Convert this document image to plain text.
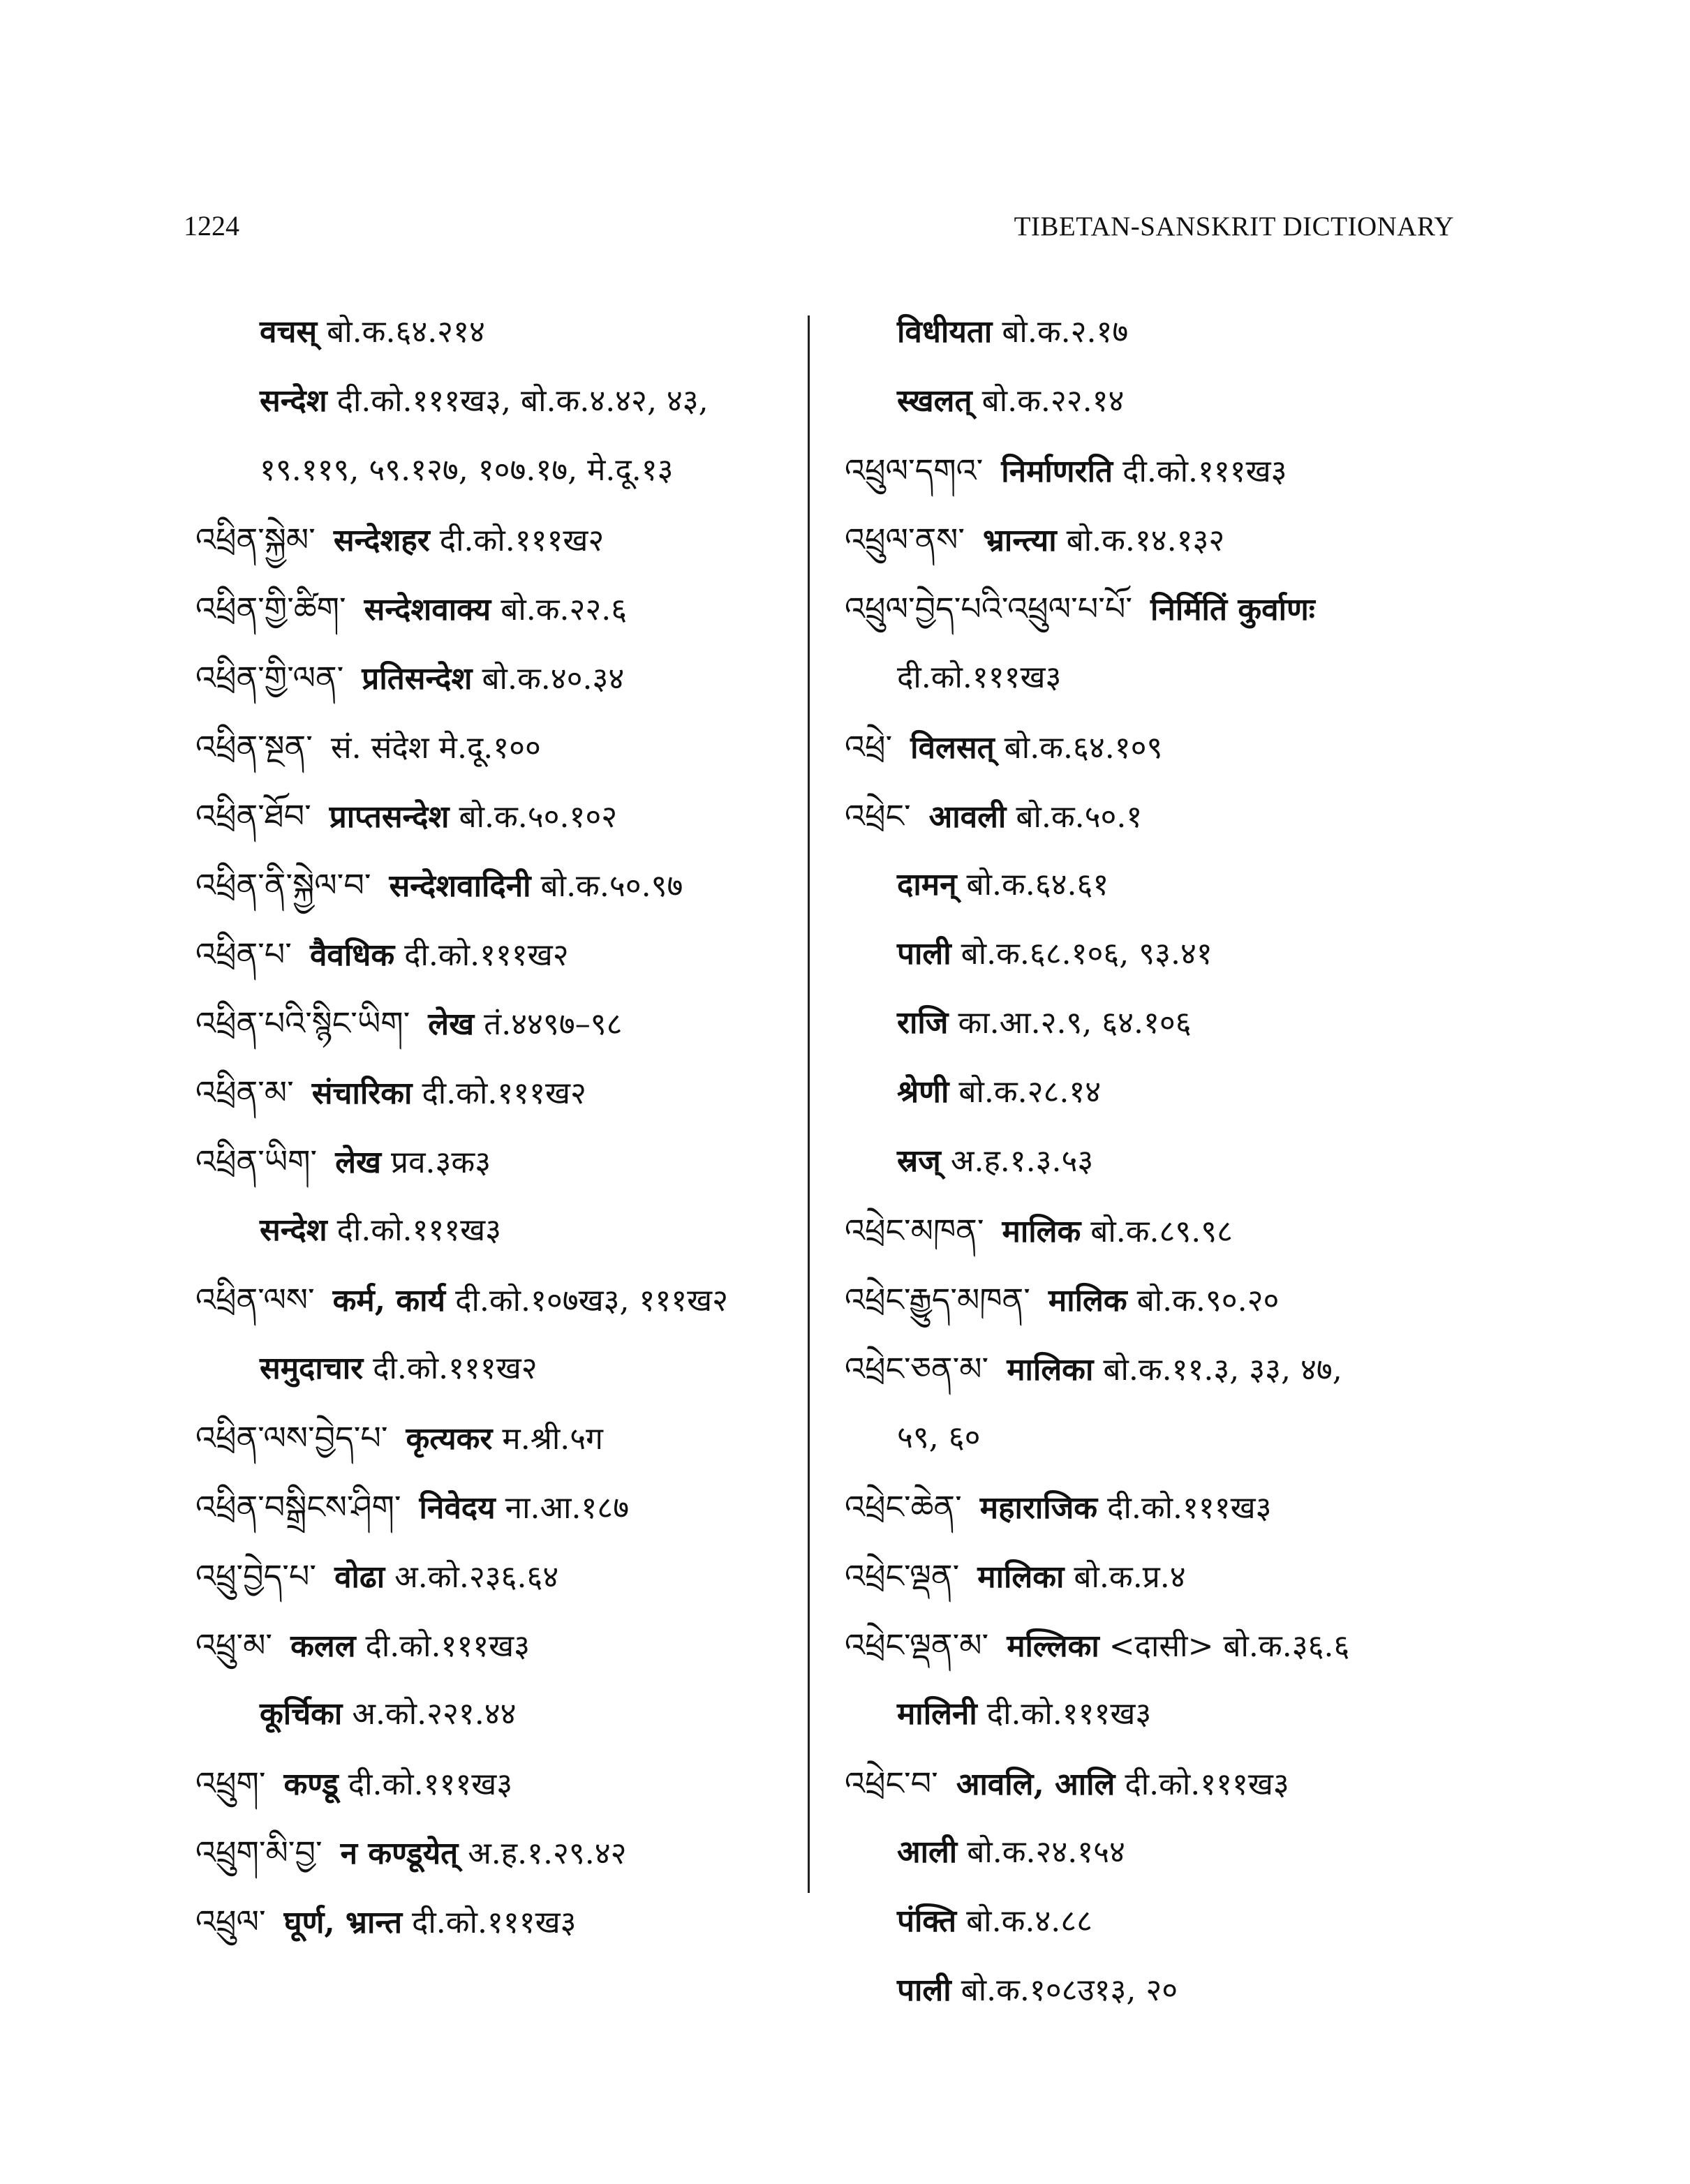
1224	TIBETAN-SANSKRIT DICTIONARY
वचस् बो.क.६४.२१४
सन्देश दी.को.१११ख३, बो.क.४.४२, ४३,
१९.११९, ५९.१२७, १०७.१७, मे.दू.१३
འཕྲིན་སྐྱེམ་ सन्देशहर दी.को.१११ख२
འཕྲིན་གྱི་ཚིག་ सन्देशवाक्य बो.क.२२.६
འཕྲིན་གྱི་ལན་ प्रतिसन्देश बो.क.४०.३४
འཕྲིན་སྔན་ सं. संदेश मे.दू.१००
འཕྲིན་ཐོབ་ प्राप्तसन्देश बो.क.५०.१०२
འཕྲིན་ནི་སྐྱེལ་བ་ सन्देशवादिनी बो.क.५०.९७
འཕྲིན་པ་ वैवधिक दी.को.१११ख२
འཕྲིན་པའི་སྙིང་ཡིག་ लेख तं.४४९७–९८
འཕྲིན་མ་ संचारिका दी.को.१११ख२
འཕྲིན་ཡིག་ लेख प्रव.३क३
सन्देश दी.को.१११ख३
འཕྲིན་ལས་ कर्म, कार्य दी.को.१०७ख३, १११ख२
समुदाचार दी.को.१११ख२
འཕྲིན་ལས་བྱེད་པ་ कृत्यकर म.श्री.५ग
འཕྲིན་བསྒྲིངས་ཤིག་ निवेदय ना.आ.१८७
འཕྲུ་བྱེད་པ་ वोढा अ.को.२३६.६४
འཕྲུ་མ་ कलल दी.को.१११ख३
कूर्चिका अ.को.२२१.४४
འཕྲུག་ कण्डू दी.को.१११ख३
འཕྲུག་མི་བྱ་ न कण्डूयेत् अ.ह.१.२९.४२
འཕྲུལ་ घूर्ण, भ्रान्त दी.को.१११ख३
विधीयता बो.क.२.१७
स्खलत् बो.क.२२.१४
འཕྲུལ་དགའ་ निर्माणरति दी.को.१११ख३
འཕྲུལ་ནས་ भ्रान्त्या बो.क.१४.१३२
འཕྲུལ་བྱེད་པའི་འཕྲུལ་པ་པོ་ निर्मितिं कुर्वाणः
दी.को.१११ख३
འཕྲེ་ विलसत् बो.क.६४.१०९
འཕྲེང་ आवली बो.क.५०.१
दामन् बो.क.६४.६१
पाली बो.क.६८.१०६, ९३.४१
राजि का.आ.२.९, ६४.१०६
श्रेणी बो.क.२८.१४
स्रज् अ.ह.१.३.५३
འཕྲེང་མཁན་ मालिक बो.क.८९.९८
འཕྲེང་རྒྱུད་མཁན་ मालिक बो.क.९०.२०
འཕྲེང་ཅན་མ་ मालिका बो.क.११.३, ३३, ४७,
५९, ६०
འཕྲེང་ཆེན་ महाराजिक दी.को.१११ख३
འཕྲེང་ལྡན་ मालिका बो.क.प्र.४
འཕྲེང་ལྡན་མ་ मल्लिका <दासी> बो.क.३६.६
मालिनी दी.को.१११ख३
འཕྲེང་བ་ आवलि, आलि दी.को.१११ख३
आली बो.क.२४.१५४
पंक्ति बो.क.४.८८
पाली बो.क.१०८उ१३, २०
